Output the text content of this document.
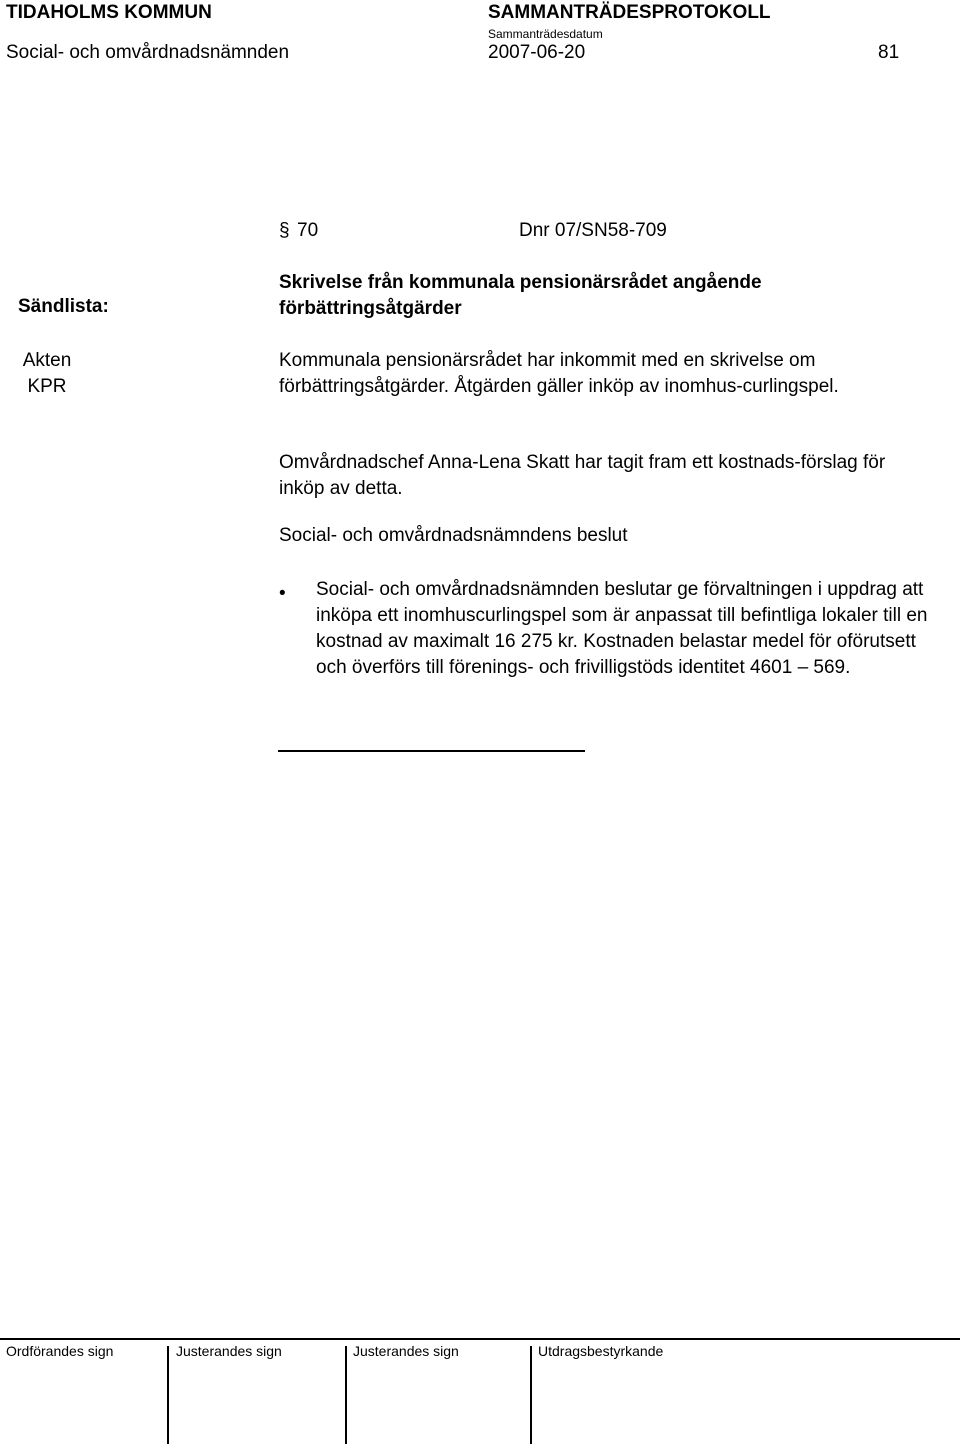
TIDAHOLMS KOMMUN	SAMMANTRÄDESPROTOKOLL
Sammanträdesdatum
Social- och omvårdnadsnämnden	2007-06-20	81
§ 70	Dnr 07/SN58-709
Skrivelse från kommunala pensionärsrådet angående förbättringsåtgärder
Sändlista:
Akten
KPR
Kommunala pensionärsrådet har inkommit med en skrivelse om förbättringsåtgärder. Åtgärden gäller inköp av inomhus-curlingspel.
Omvårdnadschef Anna-Lena Skatt har tagit fram ett kostnads-förslag för inköp av detta.
Social- och omvårdnadsnämndens beslut
• Social- och omvårdnadsnämnden beslutar ge förvaltningen i uppdrag att inköpa ett inomhuscurlingspel som är anpassat till befintliga lokaler till en kostnad av maximalt 16 275 kr. Kostnaden belastar medel för oförutsett och överförs till förenings- och frivilligstöds identitet 4601 – 569.
Ordförandes sign	Justerandes sign	Justerandes sign	Utdragsbestyrkande
